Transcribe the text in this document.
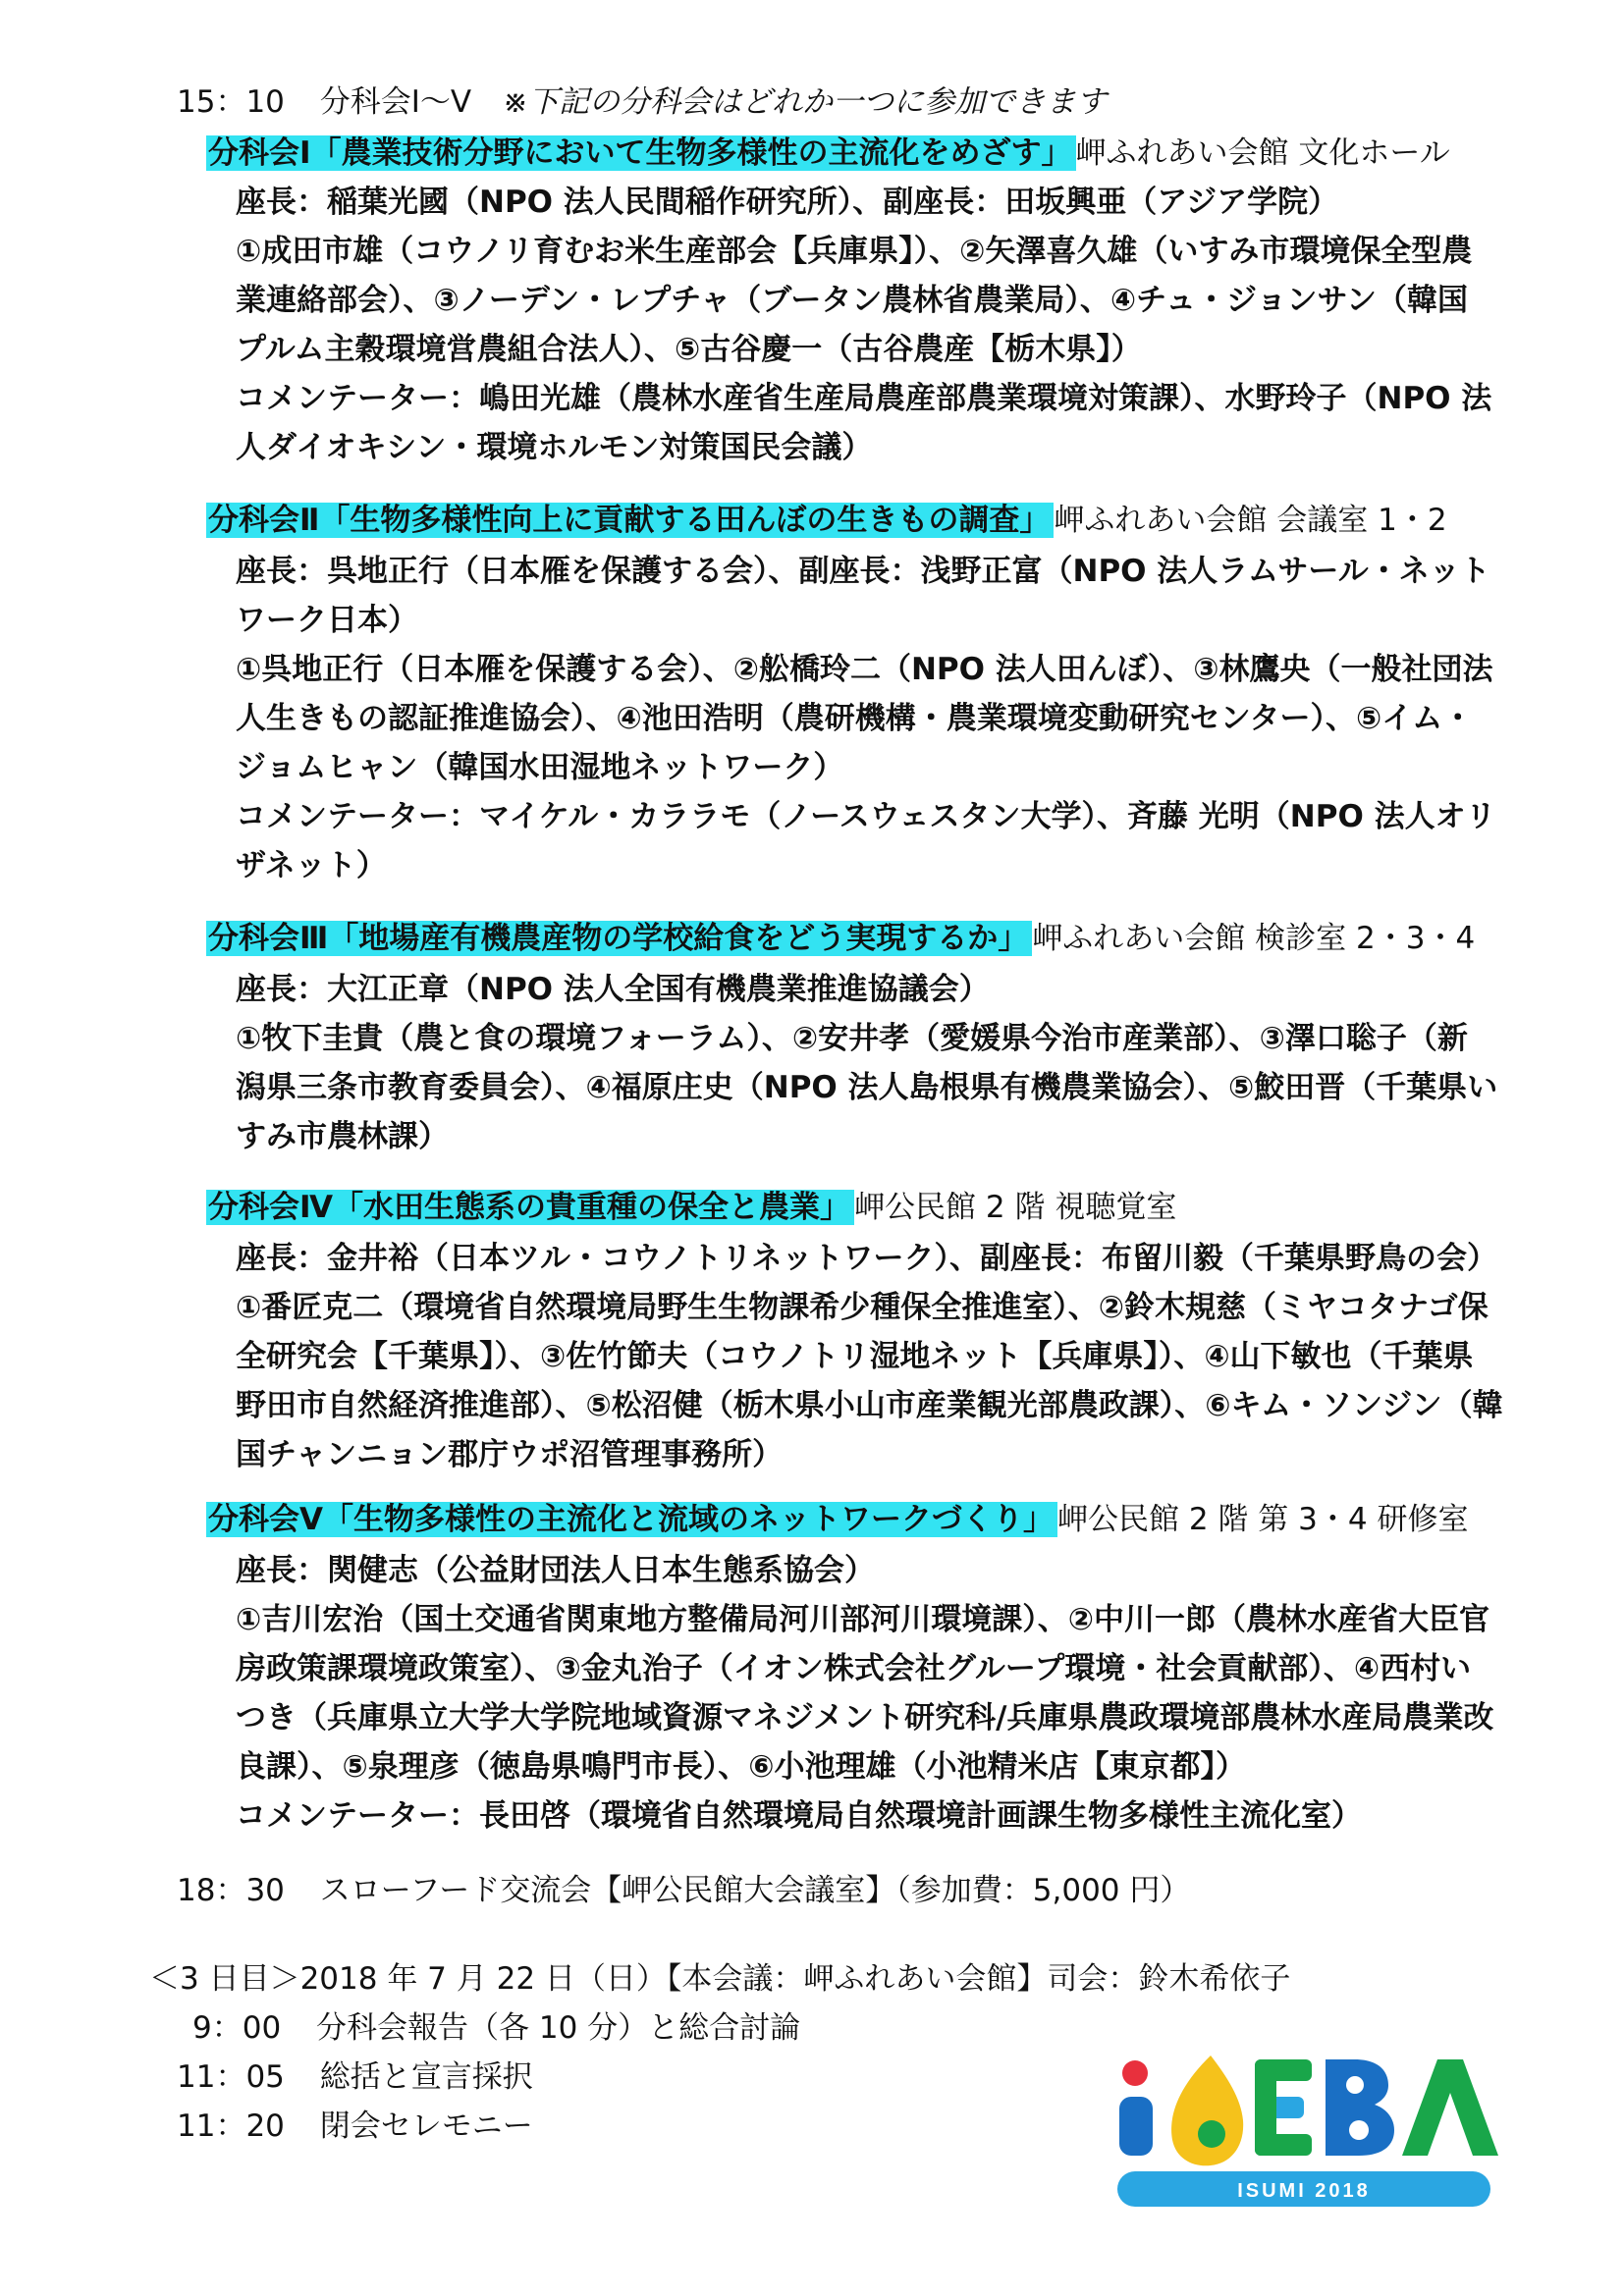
15：10 分科会Ⅰ～Ⅴ ※下記の分科会はどれか一つに参加できます
分科会Ⅰ「農業技術分野において生物多様性の主流化をめざす」 岬ふれあい会館 文化ホール
座長：稲葉光國（NPO 法人民間稲作研究所）、副座長：田坂興亜（アジア学院）
①成田市雄（コウノリ育むお米生産部会【兵庫県】）、②矢澤喜久雄（いすみ市環境保全型農
業連絡部会）、③ノーデン・レプチャ（ブータン農林省農業局）、④チュ・ジョンサン（韓国
プルム主穀環境営農組合法人）、⑤古谷慶一（古谷農産【栃木県】）
コメンテーター：嶋田光雄（農林水産省生産局農産部農業環境対策課）、水野玲子（NPO 法
人ダイオキシン・環境ホルモン対策国民会議）
分科会Ⅱ「生物多様性向上に貢献する田んぼの生きもの調査」 岬ふれあい会館 会議室 1・2
座長：呉地正行（日本雁を保護する会）、副座長：浅野正富（NPO 法人ラムサール・ネット
ワーク日本）
①呉地正行（日本雁を保護する会）、②舩橋玲二（NPO 法人田んぼ）、③林鷹央（一般社団法
人生きもの認証推進協会）、④池田浩明（農研機構・農業環境変動研究センター）、⑤イム・
ジョムヒャン（韓国水田湿地ネットワーク）
コメンテーター：マイケル・カララモ（ノースウェスタン大学）、斉藤 光明（NPO 法人オリ
ザネット）
分科会Ⅲ「地場産有機農産物の学校給食をどう実現するか」 岬ふれあい会館 検診室 2・3・4
座長：大江正章（NPO 法人全国有機農業推進協議会）
①牧下圭貴（農と食の環境フォーラム）、②安井孝（愛媛県今治市産業部）、③澤口聡子（新
潟県三条市教育委員会）、④福原庄史（NPO 法人島根県有機農業協会）、⑤鮫田晋（千葉県い
すみ市農林課）
分科会Ⅳ「水田生態系の貴重種の保全と農業」 岬公民館 2 階 視聴覚室
座長：金井裕（日本ツル・コウノトリネットワーク）、副座長：布留川毅（千葉県野鳥の会）
①番匠克二（環境省自然環境局野生生物課希少種保全推進室）、②鈴木規慈（ミヤコタナゴ保
全研究会【千葉県】）、③佐竹節夫（コウノトリ湿地ネット【兵庫県】）、④山下敏也（千葉県
野田市自然経済推進部）、⑤松沼健（栃木県小山市産業観光部農政課）、⑥キム・ソンジン（韓
国チャンニョン郡庁ウポ沼管理事務所）
分科会Ⅴ「生物多様性の主流化と流域のネットワークづくり」 岬公民館 2 階 第 3・4 研修室
座長：関健志（公益財団法人日本生態系協会）
①吉川宏治（国土交通省関東地方整備局河川部河川環境課）、②中川一郎（農林水産省大臣官
房政策課環境政策室）、③金丸治子（イオン株式会社グループ環境・社会貢献部）、④西村い
つき（兵庫県立大学大学院地域資源マネジメント研究科/兵庫県農政環境部農林水産局農業改
良課）、⑤泉理彦（徳島県鳴門市長）、⑥小池理雄（小池精米店【東京都】）
コメンテーター：長田啓（環境省自然環境局自然環境計画課生物多様性主流化室）
18：30 スローフード交流会【岬公民館大会議室】（参加費：5,000 円）
＜3 日目＞2018 年 7 月 22 日（日）【本会議：岬ふれあい会館】司会：鈴木希依子
9：00 分科会報告（各 10 分）と総合討論
11：05 総括と宣言採択
11：20 閉会セレモニー
ISUMI 2018
